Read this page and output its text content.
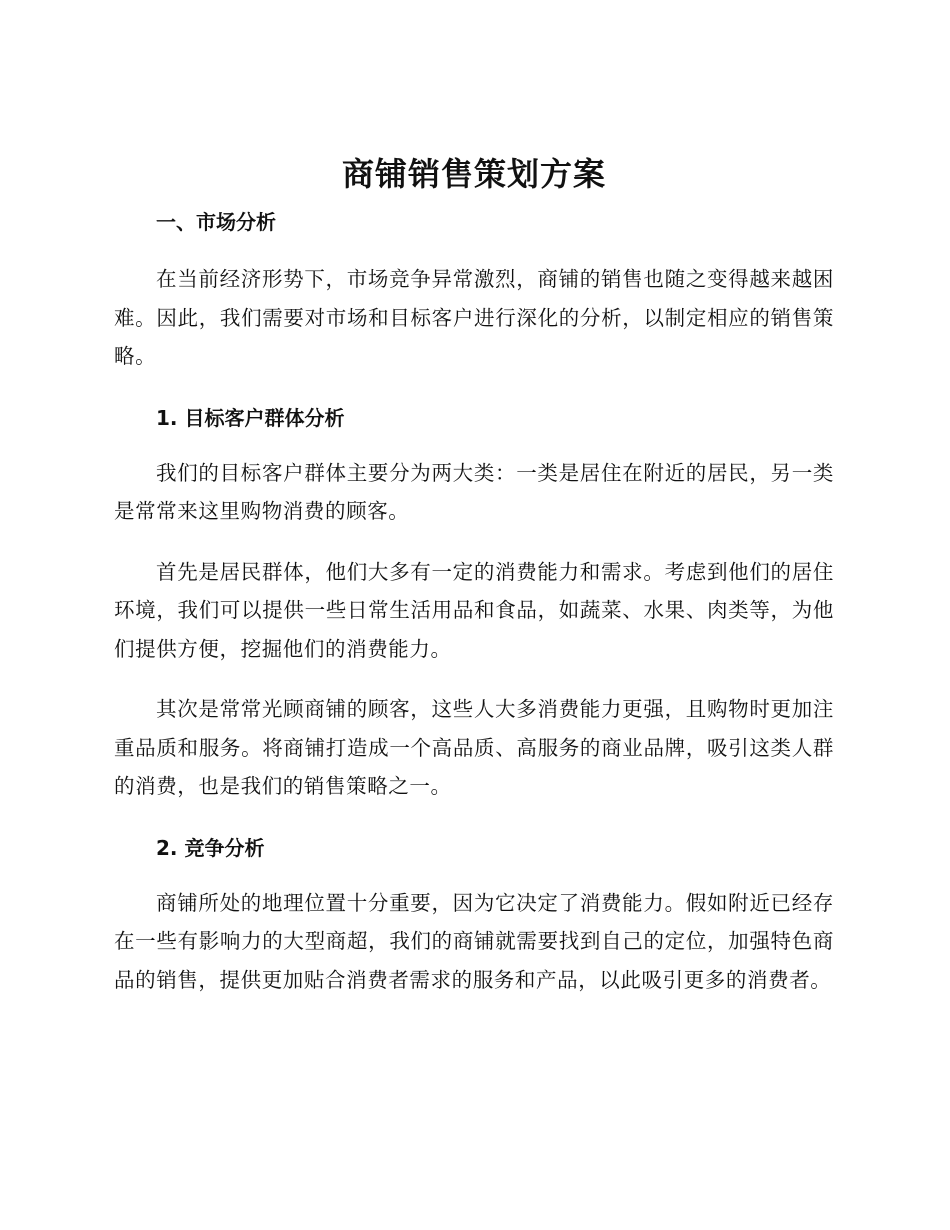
商铺销售策划方案
一、市场分析

在当前经济形势下，市场竞争异常激烈，商铺的销售也随之变得越来越困难。因此，我们需要对市场和目标客户进行深化的分析，以制定相应的销售策略。

1. 目标客户群体分析

我们的目标客户群体主要分为两大类：一类是居住在附近的居民，另一类是常常来这里购物消费的顾客。

首先是居民群体，他们大多有一定的消费能力和需求。考虑到他们的居住环境，我们可以提供一些日常生活用品和食品，如蔬菜、水果、肉类等，为他们提供方便，挖掘他们的消费能力。

其次是常常光顾商铺的顾客，这些人大多消费能力更强，且购物时更加注重品质和服务。将商铺打造成一个高品质、高服务的商业品牌，吸引这类人群的消费，也是我们的销售策略之一。

2. 竞争分析

商铺所处的地理位置十分重要，因为它决定了消费能力。假如附近已经存在一些有影响力的大型商超，我们的商铺就需要找到自己的定位，加强特色商品的销售，提供更加贴合消费者需求的服务和产品，以此吸引更多的消费者。
